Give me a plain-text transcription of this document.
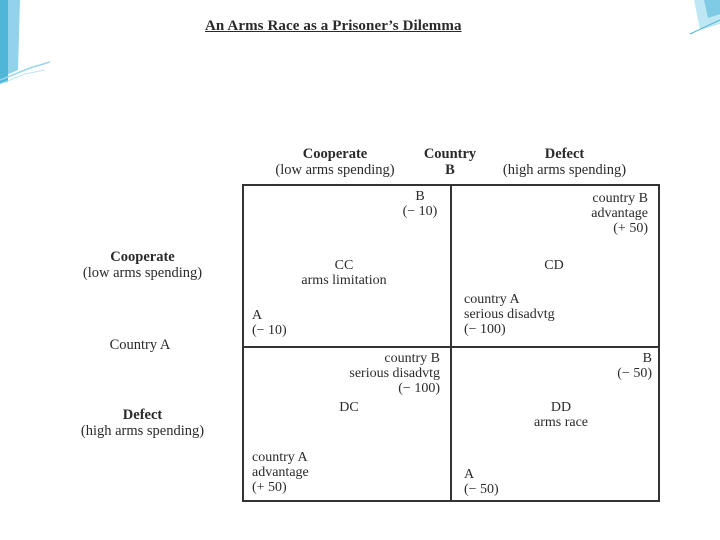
An Arms Race as a Prisoner’s Dilemma
Cooperate
(low arms spending)
Country
B
Defect
(high arms spending)
Cooperate
(low arms spending)
Country A
Defect
(high arms spending)
B
(− 10)
CC
arms limitation
A
(− 10)
country B
advantage
(+ 50)
CD
country A
serious disadvtg
(− 100)
country B
serious disadvtg
(− 100)
DC
country A
advantage
(+ 50)
B
(− 50)
DD
arms race
A
(− 50)
